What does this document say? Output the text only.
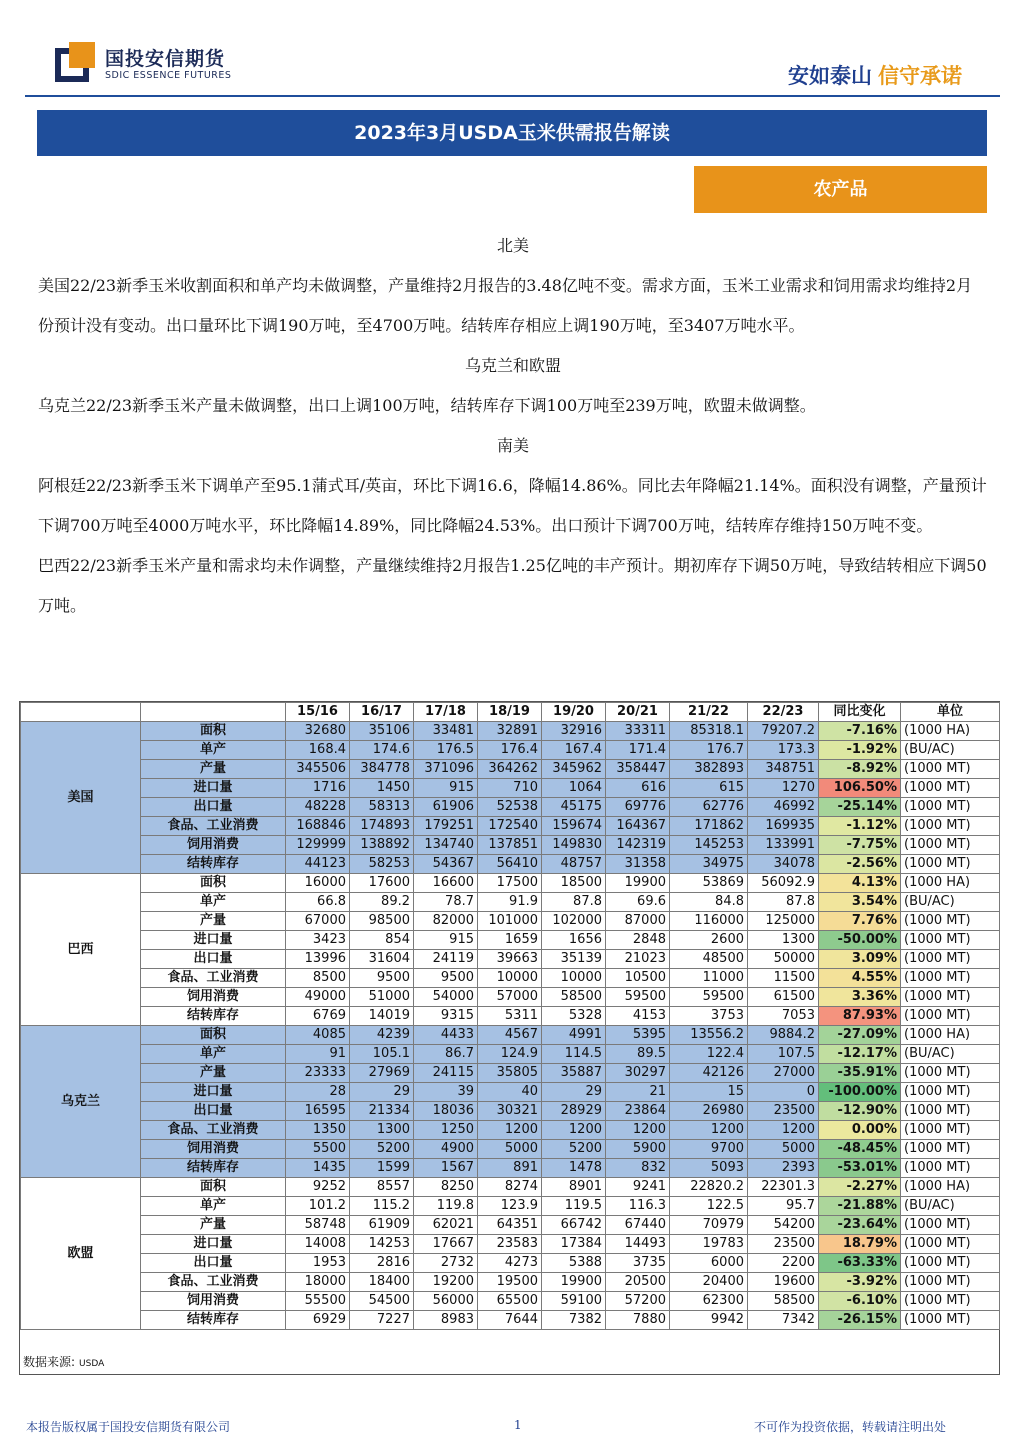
国投安信期货
SDIC ESSENCE FUTURES	安如泰山 信守承诺
2023年3月USDA玉米供需报告解读
农产品

北美

美国22/23新季玉米收割面积和单产均未做调整，产量维持2月报告的3.48亿吨不变。需求方面，玉米工业需求和饲用需求均维持2月份预计没有变动。出口量环比下调190万吨，至4700万吨。结转库存相应上调190万吨，至3407万吨水平。

乌克兰和欧盟

乌克兰22/23新季玉米产量未做调整，出口上调100万吨，结转库存下调100万吨至239万吨，欧盟未做调整。

南美

阿根廷22/23新季玉米下调单产至95.1蒲式耳/英亩，环比下调16.6，降幅14.86%。同比去年降幅21.14%。面积没有调整，产量预计下调700万吨至4000万吨水平，环比降幅14.89%，同比降幅24.53%。出口预计下调700万吨，结转库存维持150万吨不变。

巴西22/23新季玉米产量和需求均未作调整，产量继续维持2月报告1.25亿吨的丰产预计。期初库存下调50万吨，导致结转相应下调50万吨。

		15/16	16/17	17/18	18/19	19/20	20/21	21/22	22/23	同比变化	单位
美国	面积	32680	35106	33481	32891	32916	33311	85318.1	79207.2	-7.16%	(1000 HA)
	单产	168.4	174.6	176.5	176.4	167.4	171.4	176.7	173.3	-1.92%	(BU/AC)
	产量	345506	384778	371096	364262	345962	358447	382893	348751	-8.92%	(1000 MT)
	进口量	1716	1450	915	710	1064	616	615	1270	106.50%	(1000 MT)
	出口量	48228	58313	61906	52538	45175	69776	62776	46992	-25.14%	(1000 MT)
	食品、工业消费	168846	174893	179251	172540	159674	164367	171862	169935	-1.12%	(1000 MT)
	饲用消费	129999	138892	134740	137851	149830	142319	145253	133991	-7.75%	(1000 MT)
	结转库存	44123	58253	54367	56410	48757	31358	34975	34078	-2.56%	(1000 MT)
巴西	面积	16000	17600	16600	17500	18500	19900	53869	56092.9	4.13%	(1000 HA)
	单产	66.8	89.2	78.7	91.9	87.8	69.6	84.8	87.8	3.54%	(BU/AC)
	产量	67000	98500	82000	101000	102000	87000	116000	125000	7.76%	(1000 MT)
	进口量	3423	854	915	1659	1656	2848	2600	1300	-50.00%	(1000 MT)
	出口量	13996	31604	24119	39663	35139	21023	48500	50000	3.09%	(1000 MT)
	食品、工业消费	8500	9500	9500	10000	10000	10500	11000	11500	4.55%	(1000 MT)
	饲用消费	49000	51000	54000	57000	58500	59500	59500	61500	3.36%	(1000 MT)
	结转库存	6769	14019	9315	5311	5328	4153	3753	7053	87.93%	(1000 MT)
乌克兰	面积	4085	4239	4433	4567	4991	5395	13556.2	9884.2	-27.09%	(1000 HA)
	单产	91	105.1	86.7	124.9	114.5	89.5	122.4	107.5	-12.17%	(BU/AC)
	产量	23333	27969	24115	35805	35887	30297	42126	27000	-35.91%	(1000 MT)
	进口量	28	29	39	40	29	21	15	0	-100.00%	(1000 MT)
	出口量	16595	21334	18036	30321	28929	23864	26980	23500	-12.90%	(1000 MT)
	食品、工业消费	1350	1300	1250	1200	1200	1200	1200	1200	0.00%	(1000 MT)
	饲用消费	5500	5200	4900	5000	5200	5900	9700	5000	-48.45%	(1000 MT)
	结转库存	1435	1599	1567	891	1478	832	5093	2393	-53.01%	(1000 MT)
欧盟	面积	9252	8557	8250	8274	8901	9241	22820.2	22301.3	-2.27%	(1000 HA)
	单产	101.2	115.2	119.8	123.9	119.5	116.3	122.5	95.7	-21.88%	(BU/AC)
	产量	58748	61909	62021	64351	66742	67440	70979	54200	-23.64%	(1000 MT)
	进口量	14008	14253	17667	23583	17384	14493	19783	23500	18.79%	(1000 MT)
	出口量	1953	2816	2732	4273	5388	3735	6000	2200	-63.33%	(1000 MT)
	食品、工业消费	18000	18400	19200	19500	19900	20500	20400	19600	-3.92%	(1000 MT)
	饲用消费	55500	54500	56000	65500	59100	57200	62300	58500	-6.10%	(1000 MT)
	结转库存	6929	7227	8983	7644	7382	7880	9942	7342	-26.15%	(1000 MT)
数据来源: USDA
本报告版权属于国投安信期货有限公司	1	不可作为投资依据，转载请注明出处
